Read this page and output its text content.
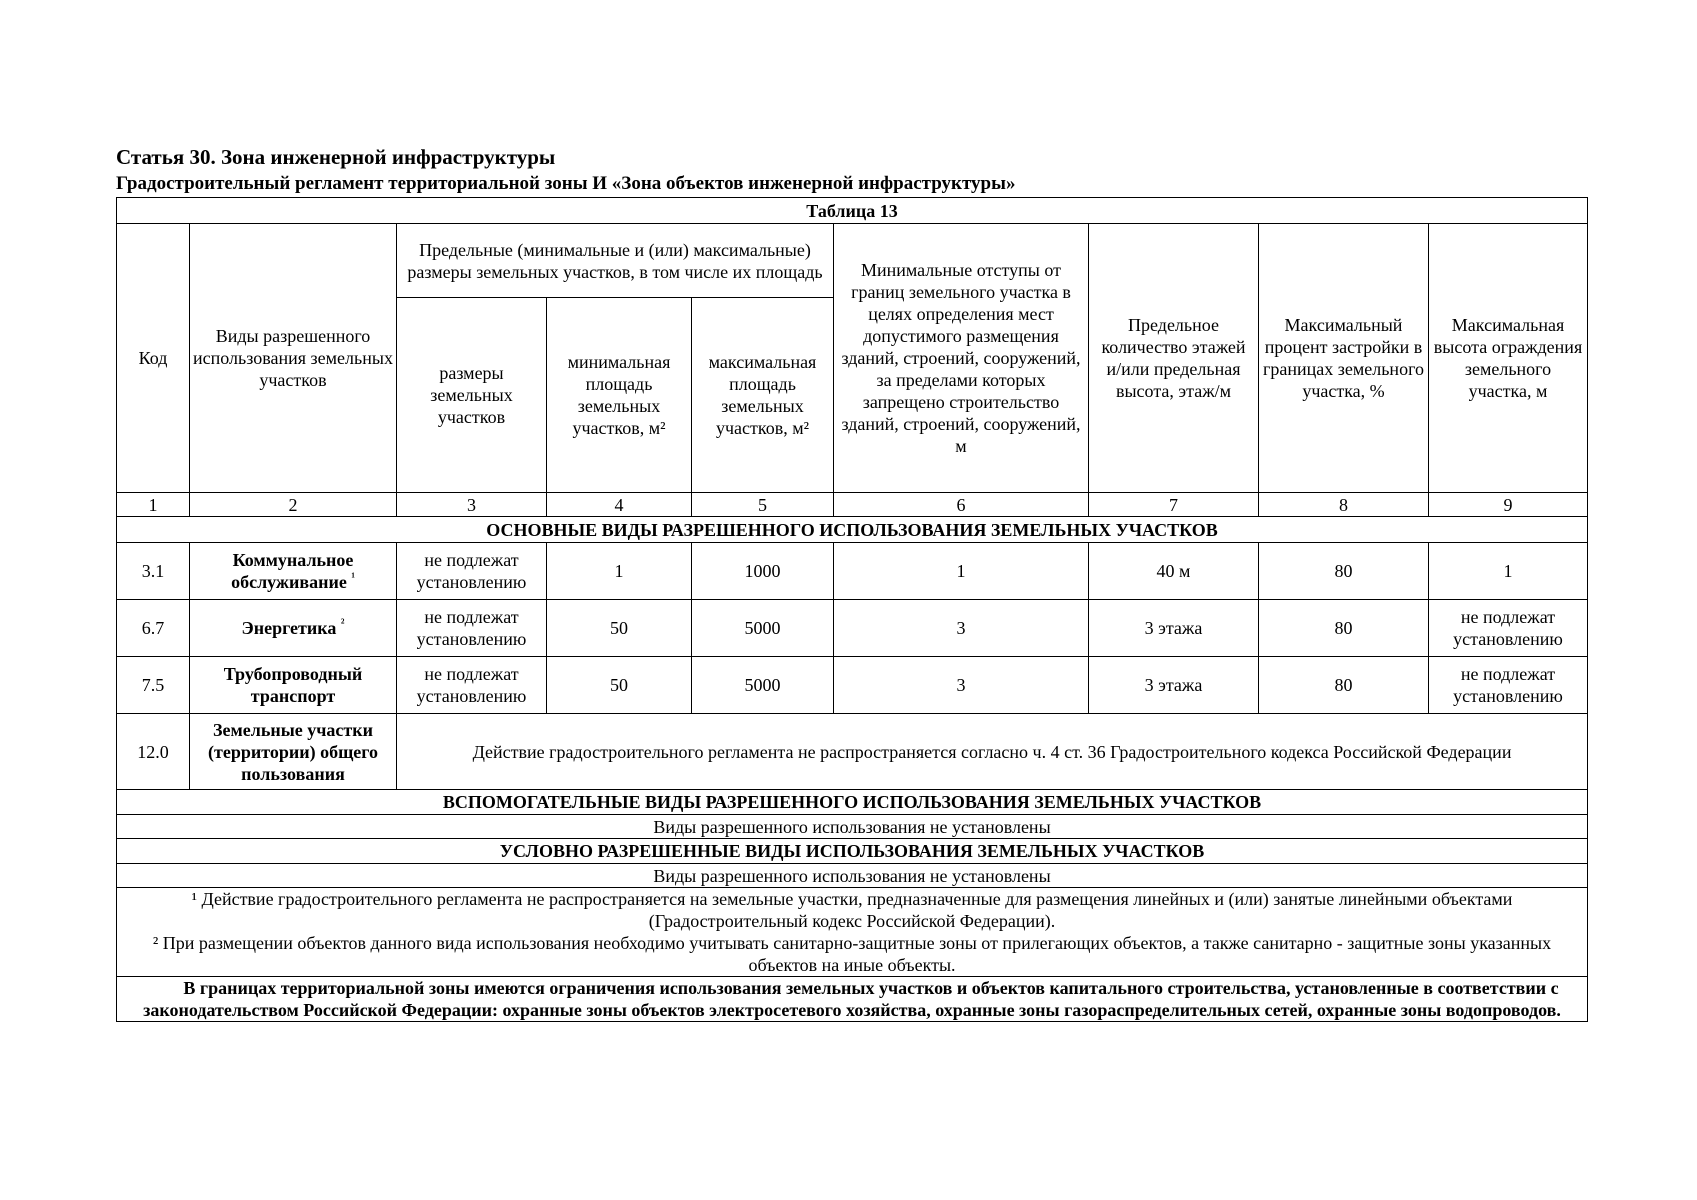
Статья 30. Зона инженерной инфраструктуры
Градостроительный регламент территориальной зоны И «Зона объектов инженерной инфраструктуры»
Таблица 13								
Код	Виды разрешенного использования земельных участков	Предельные (минимальные и (или) максимальные) размеры земельных участков, в том числе их площадь			Минимальные отступы от границ земельного участка в целях определения мест допустимого размещения зданий, строений, сооружений, за пределами которых запрещено строительство зданий, строений, сооружений, м	Предельное количество этажей и/или предельная высота, этаж/м	Максимальный процент застройки в границах земельного участка, %	Максимальная высота ограждения земельного участка, м
		размеры земельных участков	минимальная площадь земельных участков, м²	максимальная площадь земельных участков, м²				
1	2	3	4	5	6	7	8	9
ОСНОВНЫЕ ВИДЫ РАЗРЕШЕННОГО ИСПОЛЬЗОВАНИЯ ЗЕМЕЛЬНЫХ УЧАСТКОВ								
3.1	Коммунальное обслуживание $^{^1}$	не подлежат установлению	1	1000	1	40 м	80	1
6.7	Энергетика $^{^2}$	не подлежат установлению	50	5000	3	3 этажа	80	не подлежат установлению
7.5	Трубопроводный транспорт	не подлежат установлению	50	5000	3	3 этажа	80	не подлежат установлению
12.0	Земельные участки (территории) общего пользования	Действие градостроительного регламента не распространяется согласно ч. 4 ст. 36 Градостроительного кодекса Российской Федерации						
ВСПОМОГАТЕЛЬНЫЕ ВИДЫ РАЗРЕШЕННОГО ИСПОЛЬЗОВАНИЯ ЗЕМЕЛЬНЫХ УЧАСТКОВ								
Виды разрешенного использования не установлены								
УСЛОВНО РАЗРЕШЕННЫЕ ВИДЫ ИСПОЛЬЗОВАНИЯ ЗЕМЕЛЬНЫХ УЧАСТКОВ								
Виды разрешенного использования не установлены								

¹ Действие градостроительного регламента не распространяется на земельные участки, предназначенные для размещения линейных и (или) занятые линейными объектами (Градостроительный кодекс Российской Федерации).
² При размещении объектов данного вида использования необходимо учитывать санитарно-защитные зоны от прилегающих объектов, а также санитарно - защитные зоны указанных объектов на иные объекты.								

В границах территориальной зоны имеются ограничения использования земельных участков и объектов капитального строительства, установленные в соответствии с законодательством Российской Федерации: охранные зоны объектов электросетевого хозяйства, охранные зоны газораспределительных сетей, охранные зоны водопроводов.								
